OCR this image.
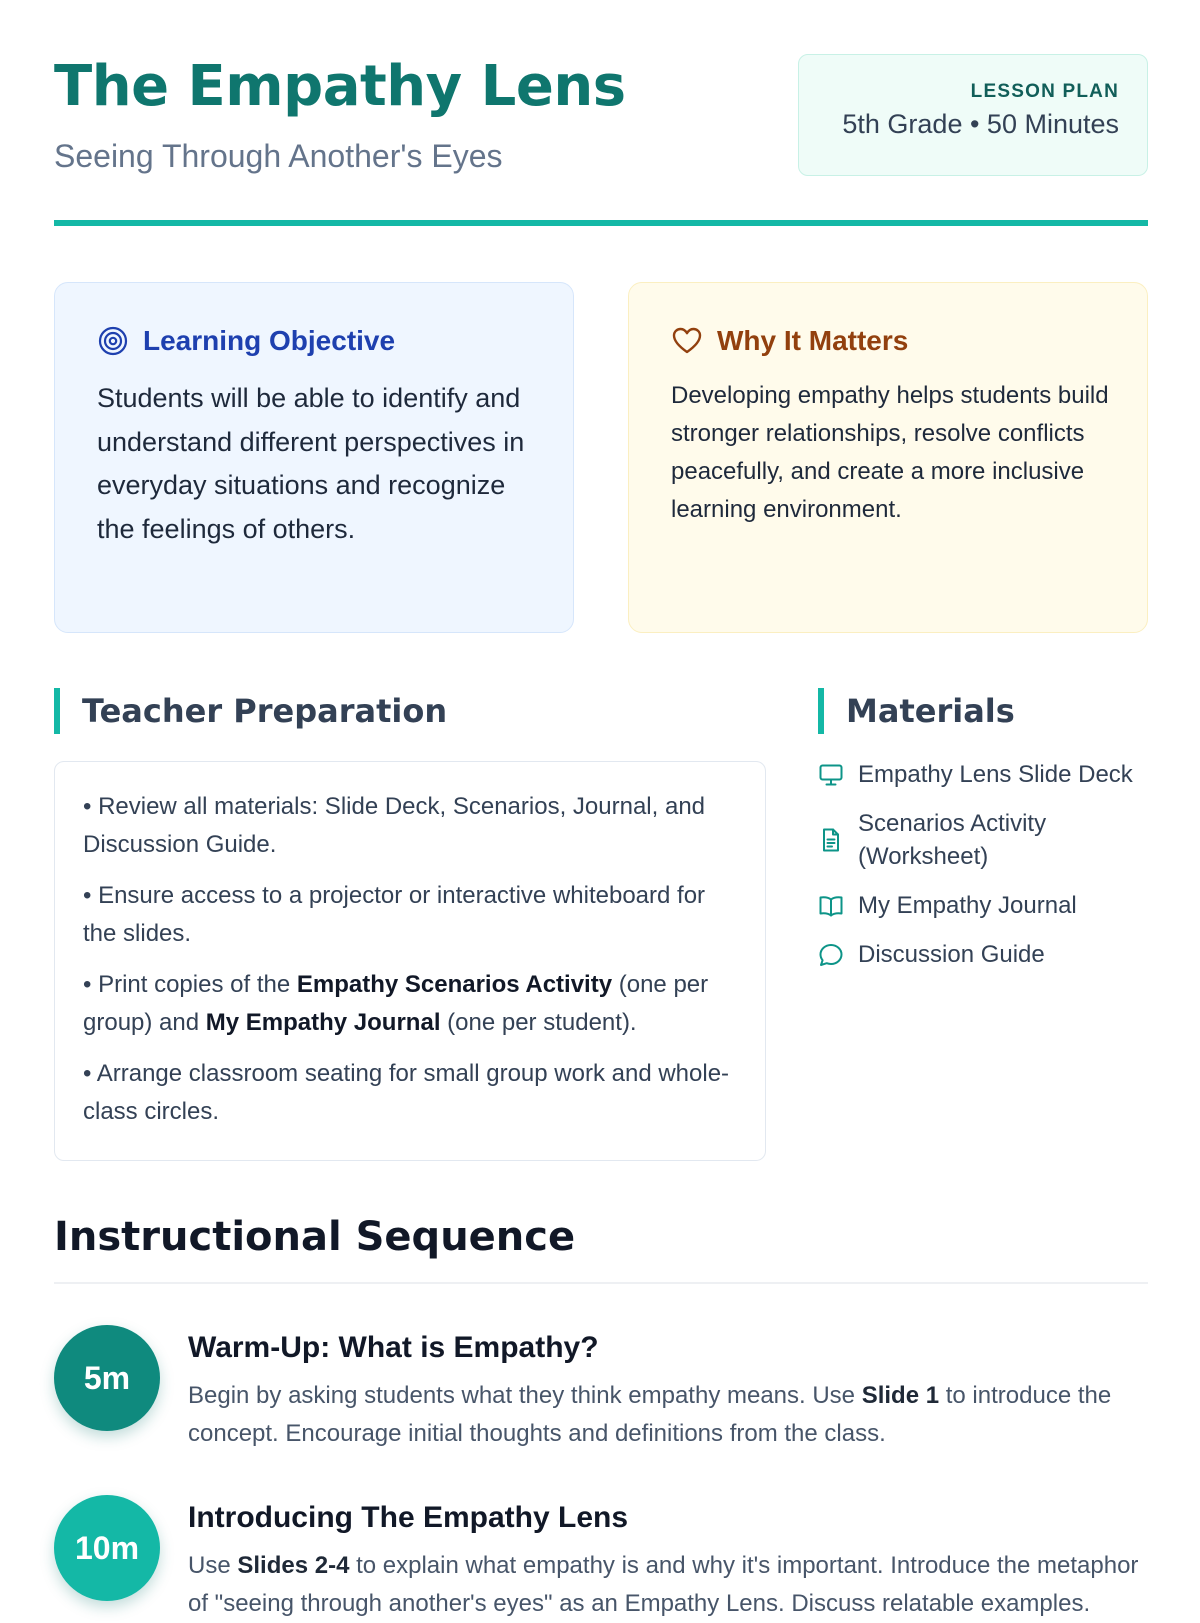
The Empathy Lens
Seeing Through Another's Eyes
LESSON PLAN
5th Grade • 50 Minutes
Learning Objective
Students will be able to identify and understand different perspectives in everyday situations and recognize the feelings of others.
Why It Matters
Developing empathy helps students build stronger relationships, resolve conflicts peacefully, and create a more inclusive learning environment.
Teacher Preparation
• Review all materials: Slide Deck, Scenarios, Journal, and Discussion Guide.
• Ensure access to a projector or interactive whiteboard for the slides.
• Print copies of the Empathy Scenarios Activity (one per group) and My Empathy Journal (one per student).
• Arrange classroom seating for small group work and whole-class circles.
Materials
Empathy Lens Slide Deck
Scenarios Activity (Worksheet)
My Empathy Journal
Discussion Guide
Instructional Sequence
5m
Warm-Up: What is Empathy?
Begin by asking students what they think empathy means. Use Slide 1 to introduce the concept. Encourage initial thoughts and definitions from the class.
10m
Introducing The Empathy Lens
Use Slides 2-4 to explain what empathy is and why it's important. Introduce the metaphor of "seeing through another's eyes" as an Empathy Lens. Discuss relatable examples.
